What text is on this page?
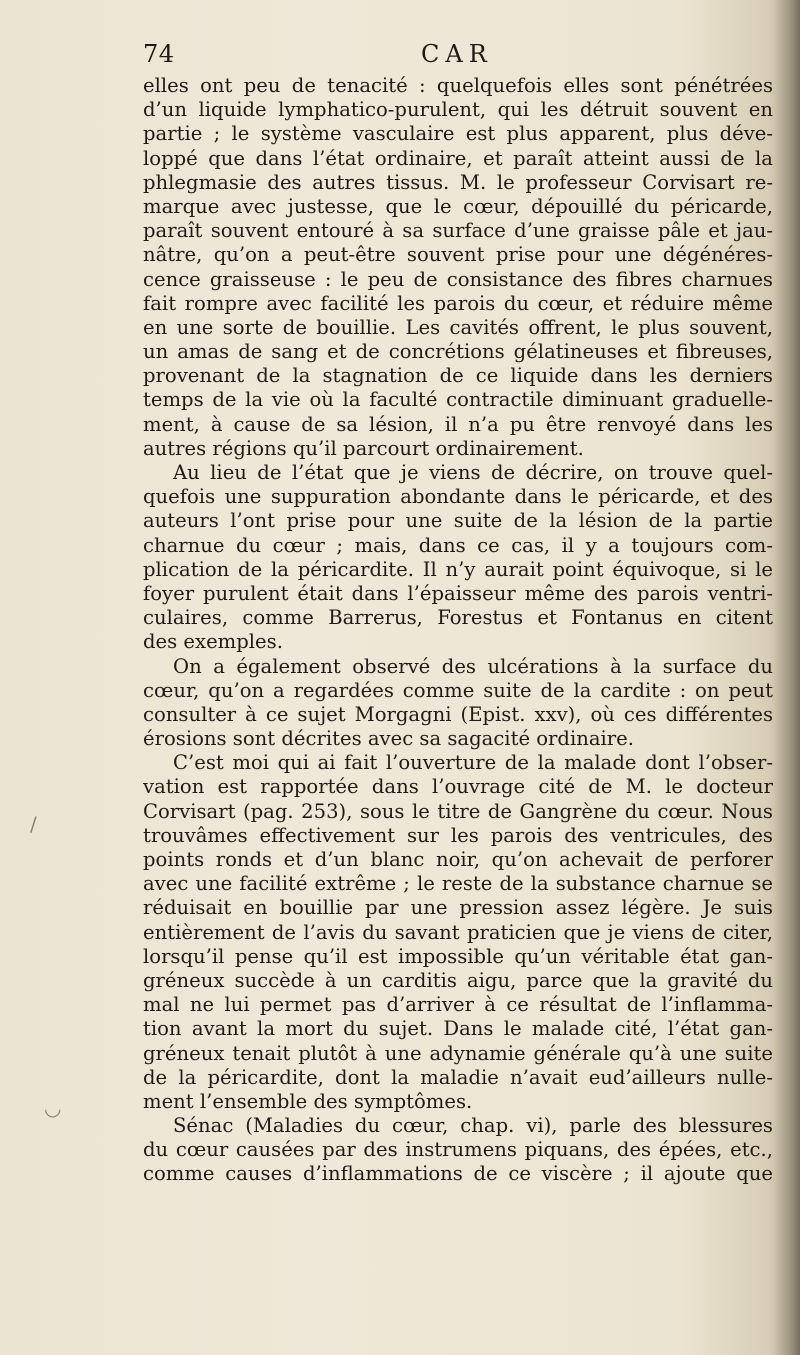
74	CAR
elles ont peu de tenacité : quelquefois elles sont pénétrées
d’un liquide lymphatico-purulent, qui les détruit souvent en
partie ; le système vasculaire est plus apparent, plus déve-
loppé que dans l’état ordinaire, et paraît atteint aussi de la
phlegmasie des autres tissus. M. le professeur Corvisart re-
marque avec justesse, que le cœur, dépouillé du péricarde,
paraît souvent entouré à sa surface d’une graisse pâle et jau-
nâtre, qu’on a peut-être souvent prise pour une dégénéres-
cence graisseuse : le peu de consistance des fibres charnues
fait rompre avec facilité les parois du cœur, et réduire même
en une sorte de bouillie. Les cavités offrent, le plus souvent,
un amas de sang et de concrétions gélatineuses et fibreuses,
provenant de la stagnation de ce liquide dans les derniers
temps de la vie où la faculté contractile diminuant graduelle-
ment, à cause de sa lésion, il n’a pu être renvoyé dans les
autres régions qu’il parcourt ordinairement.
Au lieu de l’état que je viens de décrire, on trouve quel-
quefois une suppuration abondante dans le péricarde, et des
auteurs l’ont prise pour une suite de la lésion de la partie
charnue du cœur ; mais, dans ce cas, il y a toujours com-
plication de la péricardite. Il n’y aurait point équivoque, si le
foyer purulent était dans l’épaisseur même des parois ventri-
culaires, comme Barrerus, Forestus et Fontanus en citent
des exemples.
On a également observé des ulcérations à la surface du
cœur, qu’on a regardées comme suite de la cardite : on peut
consulter à ce sujet Morgagni (Epist. xxv), où ces différentes
érosions sont décrites avec sa sagacité ordinaire.
C’est moi qui ai fait l’ouverture de la malade dont l’obser-
vation est rapportée dans l’ouvrage cité de M. le docteur
Corvisart (pag. 253), sous le titre de Gangrène du cœur. Nous
trouvâmes effectivement sur les parois des ventricules, des
points ronds et d’un blanc noir, qu’on achevait de perforer
avec une facilité extrême ; le reste de la substance charnue se
réduisait en bouillie par une pression assez légère. Je suis
entièrement de l’avis du savant praticien que je viens de citer,
lorsqu’il pense qu’il est impossible qu’un véritable état gan-
gréneux succède à un carditis aigu, parce que la gravité du
mal ne lui permet pas d’arriver à ce résultat de l’inflamma-
tion avant la mort du sujet. Dans le malade cité, l’état gan-
gréneux tenait plutôt à une adynamie générale qu’à une suite
de la péricardite, dont la maladie n’avait eud’ailleurs nulle-
ment l’ensemble des symptômes.
Sénac (Maladies du cœur, chap. vi), parle des blessures
du cœur causées par des instrumens piquans, des épées, etc.,
comme causes d’inflammations de ce viscère ; il ajoute que
/
◡
